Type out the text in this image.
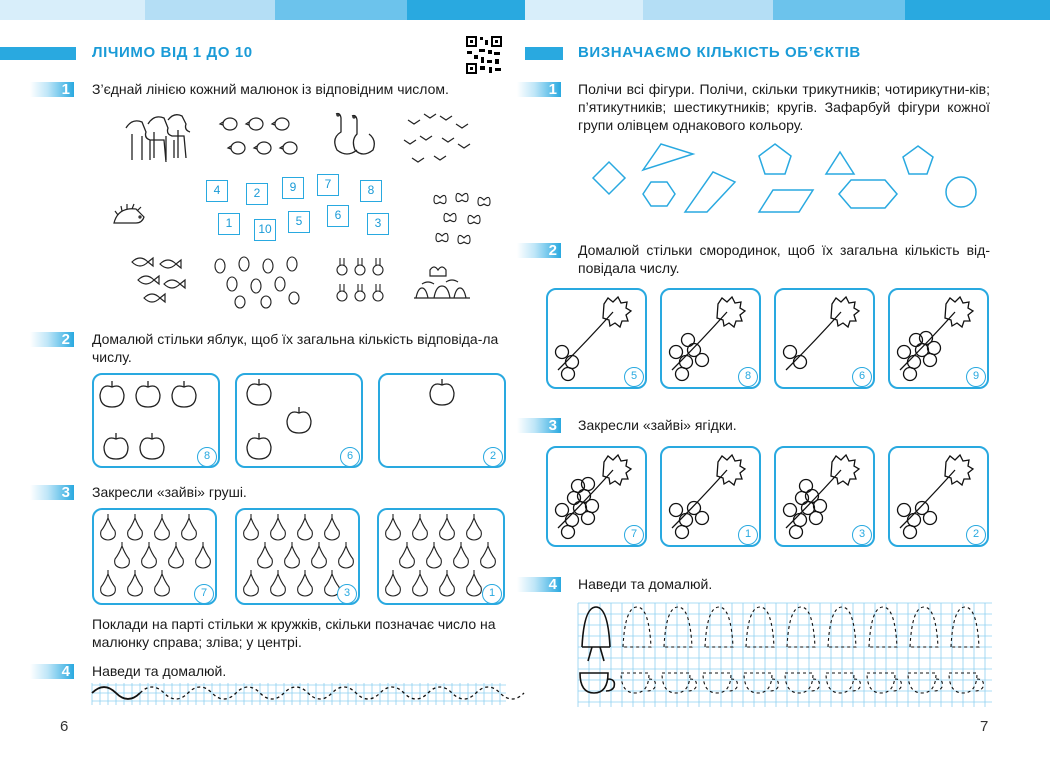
ЛІЧИМО ВІД 1 ДО 10
1 З’єднай лінією кожний малюнок із відповідним числом.
4	2	9	7	8
1	10
5	6
3
2 Домалюй стільки яблук, щоб їх загальна кількість відповіда-ла числу.
8	6	2
3 Закресли «зайві» груші.
7	3	1
Поклади на парті стільки ж кружків, скільки позначає число на малюнку справа; зліва; у центрі.
4 Наведи та домалюй.
6
ВИЗНАЧАЄМО КІЛЬКІСТЬ ОБ’ЄКТІВ
1 Полічи всі фігури. Полічи, скільки трикутників; чотирикутни-ків; п’ятикутників; шестикутників; кругів. Зафарбуй фігури кожної групи олівцем однакового кольору.
2 Домалюй стільки смородинок, щоб їх загальна кількість від-повідала числу.
5	8	6	9
3 Закресли «зайві» ягідки.
7	1	3	2
4 Наведи та домалюй.
7
